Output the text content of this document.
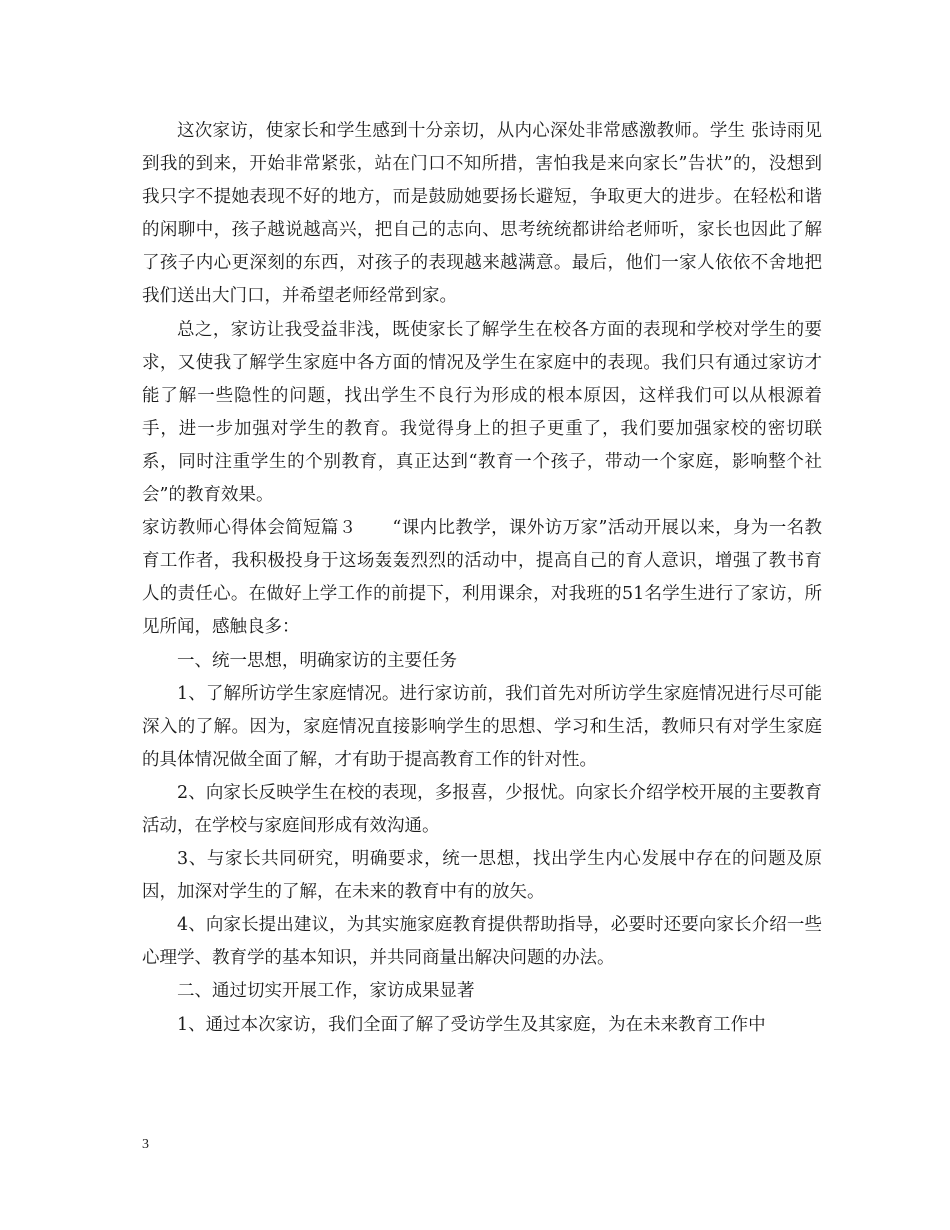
这次家访，使家长和学生感到十分亲切，从内心深处非常感激教师。学生 张诗雨见到我的到来，开始非常紧张，站在门口不知所措，害怕我是来向家长”告状”的，没想到我只字不提她表现不好的地方，而是鼓励她要扬长避短，争取更大的进步。在轻松和谐的闲聊中，孩子越说越高兴，把自己的志向、思考统统都讲给老师听，家长也因此了解了孩子内心更深刻的东西，对孩子的表现越来越满意。最后，他们一家人依依不舍地把我们送出大门口，并希望老师经常到家。

总之，家访让我受益非浅，既使家长了解学生在校各方面的表现和学校对学生的要求，又使我了解学生家庭中各方面的情况及学生在家庭中的表现。我们只有通过家访才能了解一些隐性的问题，找出学生不良行为形成的根本原因，这样我们可以从根源着手，进一步加强对学生的教育。我觉得身上的担子更重了，我们要加强家校的密切联系，同时注重学生的个别教育，真正达到“教育一个孩子，带动一个家庭，影响整个社会”的教育效果。

家访教师心得体会简短篇３　　“课内比教学，课外访万家”活动开展以来，身为一名教育工作者，我积极投身于这场轰轰烈烈的活动中，提高自己的育人意识，增强了教书育人的责任心。在做好上学工作的前提下，利用课余，对我班的51名学生进行了家访，所见所闻，感触良多：

一、统一思想，明确家访的主要任务

1、了解所访学生家庭情况。进行家访前，我们首先对所访学生家庭情况进行尽可能深入的了解。因为，家庭情况直接影响学生的思想、学习和生活，教师只有对学生家庭的具体情况做全面了解，才有助于提高教育工作的针对性。

2、向家长反映学生在校的表现，多报喜，少报忧。向家长介绍学校开展的主要教育活动，在学校与家庭间形成有效沟通。

3、与家长共同研究，明确要求，统一思想，找出学生内心发展中存在的问题及原因，加深对学生的了解，在未来的教育中有的放矢。

4、向家长提出建议，为其实施家庭教育提供帮助指导，必要时还要向家长介绍一些心理学、教育学的基本知识，并共同商量出解决问题的办法。

二、通过切实开展工作，家访成果显著

1、通过本次家访，我们全面了解了受访学生及其家庭，为在未来教育工作中

3
